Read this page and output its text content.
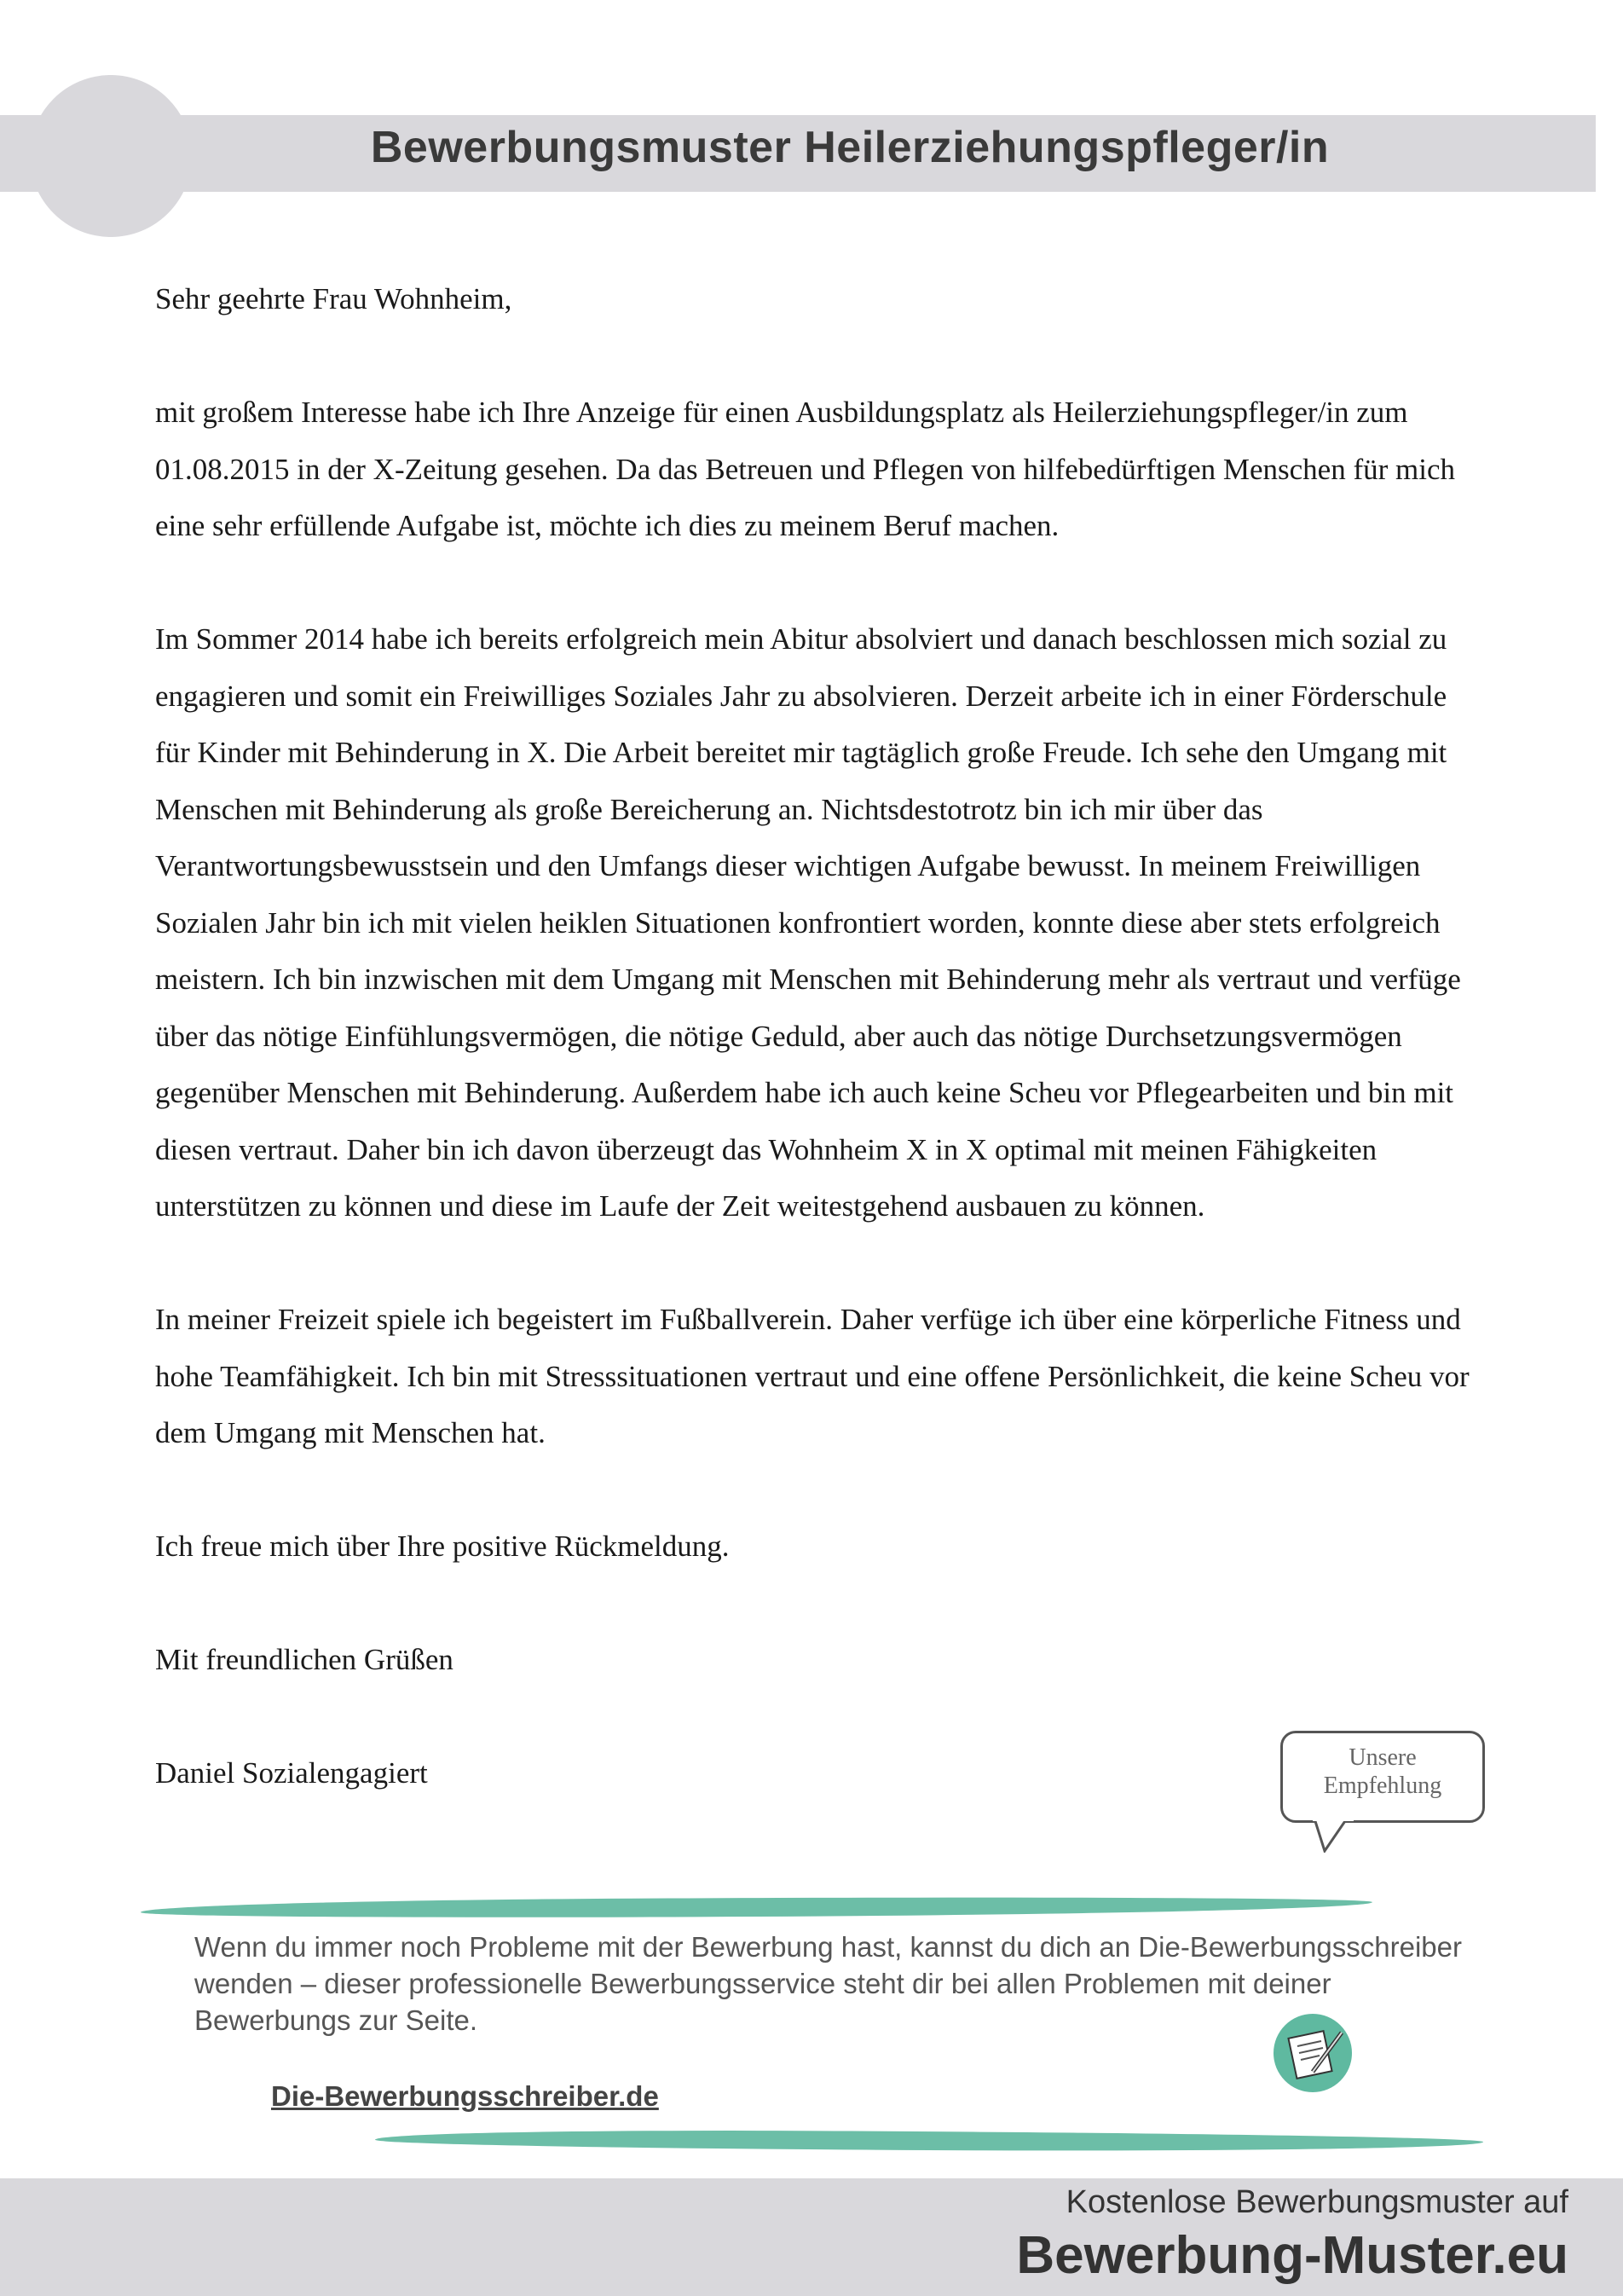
Bewerbungsmuster Heilerziehungspfleger/in

Sehr geehrte Frau Wohnheim,

mit großem Interesse habe ich Ihre Anzeige für einen Ausbildungsplatz als Heilerziehungspfleger/in zum 01.08.2015 in der X-Zeitung gesehen. Da das Betreuen und Pflegen von hilfebedürftigen Menschen für mich eine sehr erfüllende Aufgabe ist, möchte ich dies zu meinem Beruf machen.

Im Sommer 2014 habe ich bereits erfolgreich mein Abitur absolviert und danach beschlossen mich sozial zu engagieren und somit ein Freiwilliges Soziales Jahr zu absolvieren. Derzeit arbeite ich in einer Förderschule für Kinder mit Behinderung in X. Die Arbeit bereitet mir tagtäglich große Freude. Ich sehe den Umgang mit Menschen mit Behinderung als große Bereicherung an. Nichtsdestotrotz bin ich mir über das Verantwortungsbewusstsein und den Umfangs dieser wichtigen Aufgabe bewusst. In meinem Freiwilligen Sozialen Jahr bin ich mit vielen heiklen Situationen konfrontiert worden, konnte diese aber stets erfolgreich meistern. Ich bin inzwischen mit dem Umgang mit Menschen mit Behinderung mehr als vertraut und verfüge über das nötige Einfühlungsvermögen, die nötige Geduld, aber auch das nötige Durchsetzungsvermögen gegenüber Menschen mit Behinderung. Außerdem habe ich auch keine Scheu vor Pflegearbeiten und bin mit diesen vertraut. Daher bin ich davon überzeugt das Wohnheim X in X optimal mit meinen Fähigkeiten unterstützen zu können und diese im Laufe der Zeit weitestgehend ausbauen zu können.

In meiner Freizeit spiele ich begeistert im Fußballverein. Daher verfüge ich über eine körperliche Fitness und hohe Teamfähigkeit. Ich bin mit Stresssituationen vertraut und eine offene Persönlichkeit, die keine Scheu vor dem Umgang mit Menschen hat.

Ich freue mich über Ihre positive Rückmeldung.

Mit freundlichen Grüßen

Daniel Sozialengagiert	Unsere
Empfehlung
Wenn du immer noch Probleme mit der Bewerbung hast, kannst du dich an Die-Bewerbungsschreiber wenden – dieser professionelle Bewerbungsservice steht dir bei allen Problemen mit deiner Bewerbungs zur Seite.
Die-Bewerbungsschreiber.de
Kostenlose Bewerbungsmuster auf
Bewerbung-Muster.eu
